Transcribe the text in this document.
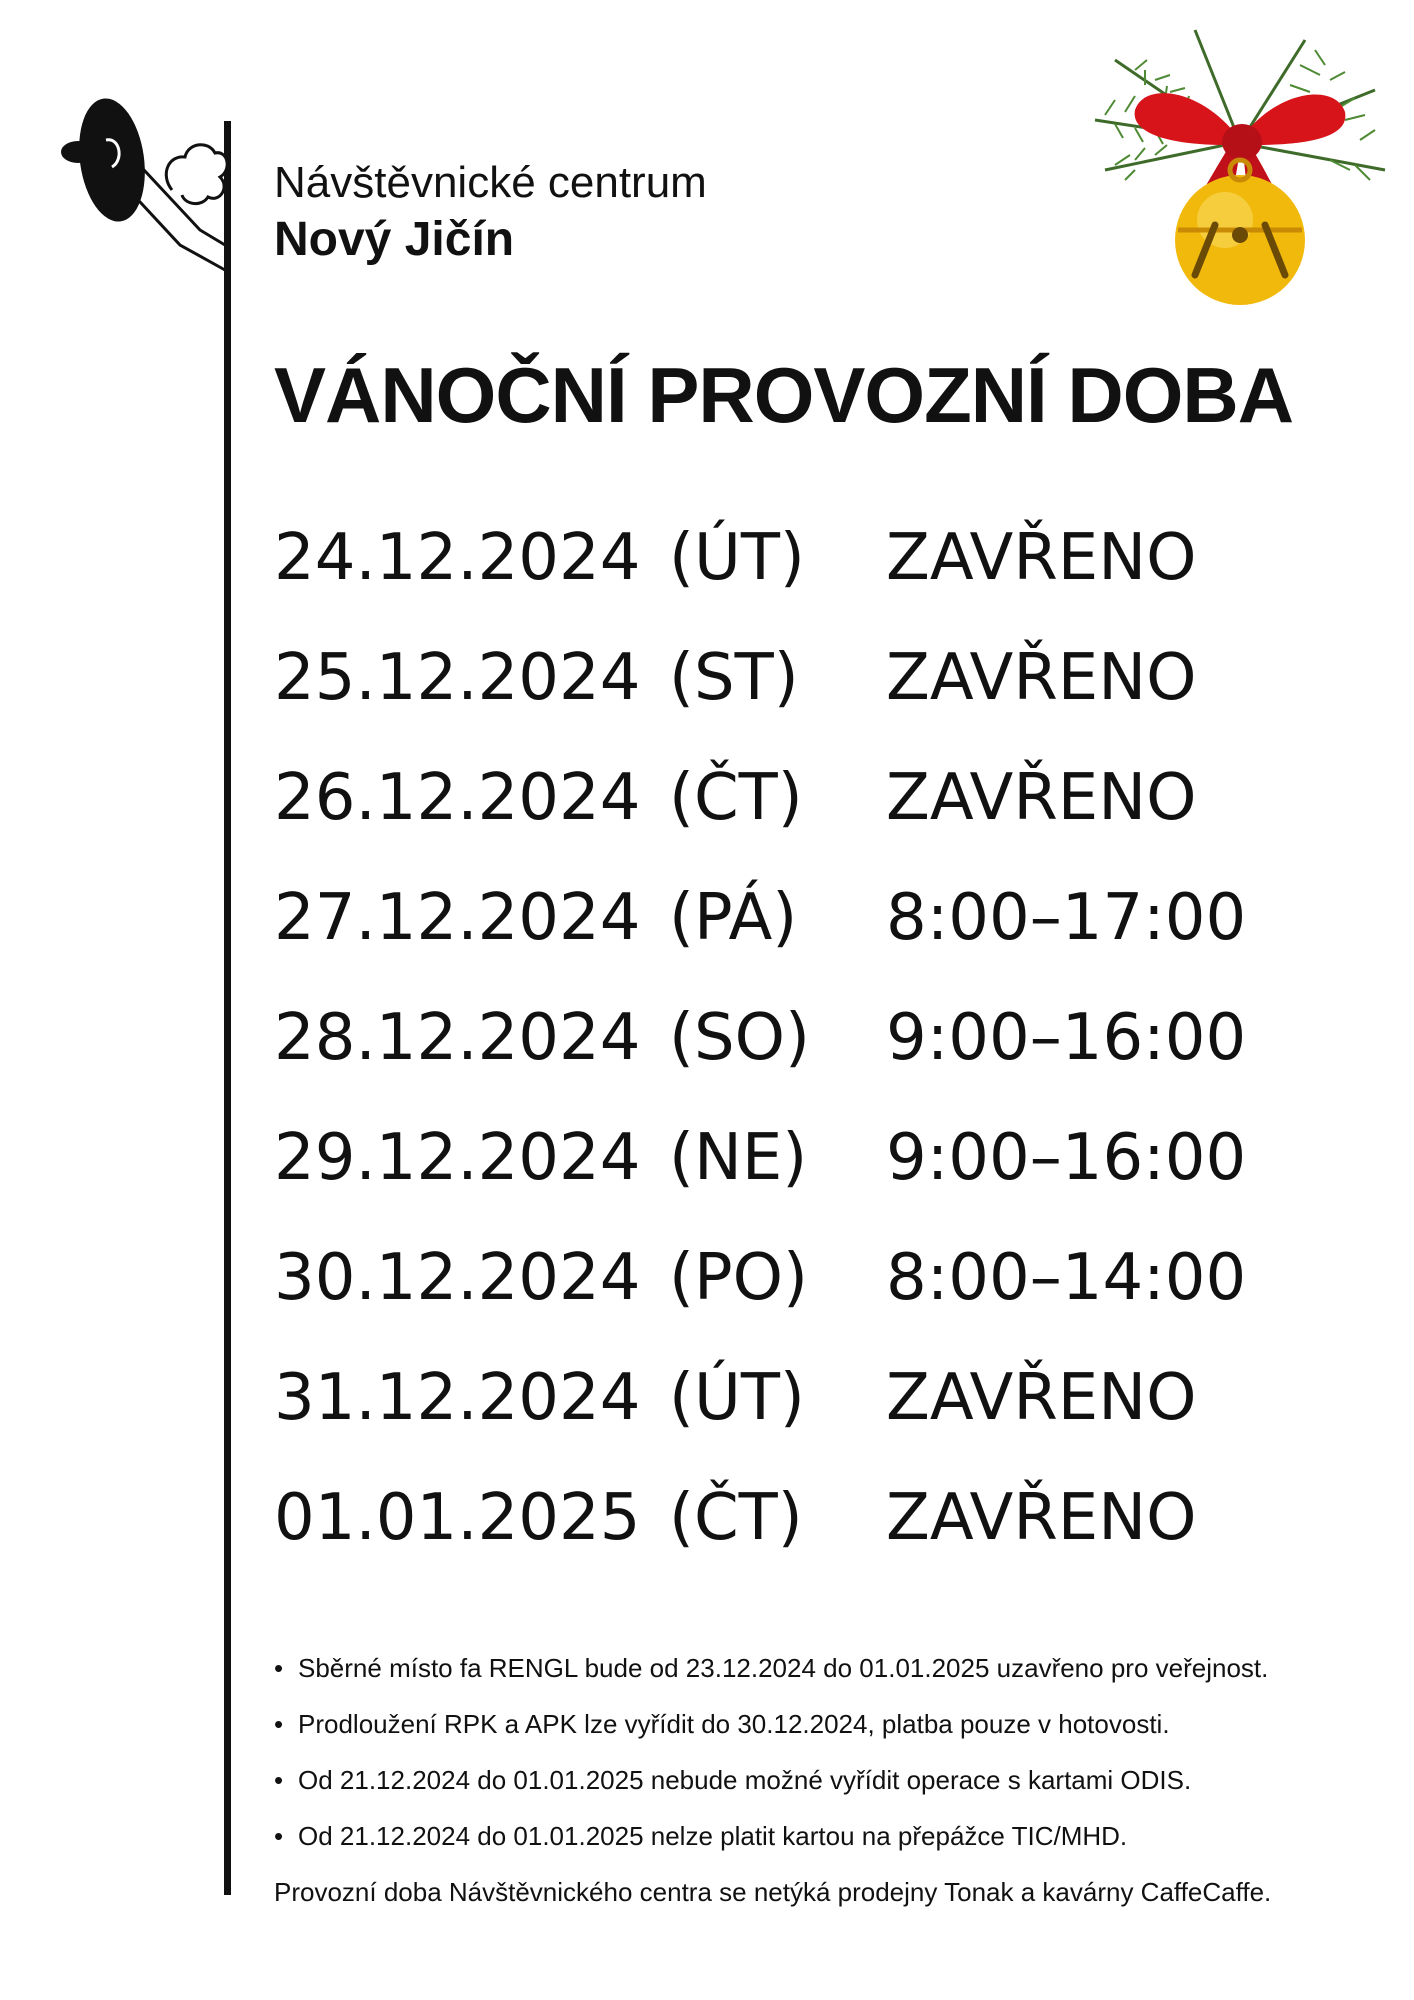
Návštěvnické centrum
Nový Jičín
VÁNOČNÍ PROVOZNÍ DOBA
24.12.2024 (ÚT) ZAVŘENO
25.12.2024 (ST) ZAVŘENO
26.12.2024 (ČT) ZAVŘENO
27.12.2024 (PÁ) 8:00–17:00
28.12.2024 (SO) 9:00–16:00
29.12.2024 (NE) 9:00–16:00
30.12.2024 (PO) 8:00–14:00
31.12.2024 (ÚT) ZAVŘENO
01.01.2025 (ČT) ZAVŘENO
• Sběrné místo fa RENGL bude od 23.12.2024 do 01.01.2025 uzavřeno pro veřejnost.
• Prodloužení RPK a APK lze vyřídit do 30.12.2024, platba pouze v hotovosti.
• Od 21.12.2024 do 01.01.2025 nebude možné vyřídit operace s kartami ODIS.
• Od 21.12.2024 do 01.01.2025 nelze platit kartou na přepážce TIC/MHD.
Provozní doba Návštěvnického centra se netýká prodejny Tonak a kavárny CaffeCaffe.
